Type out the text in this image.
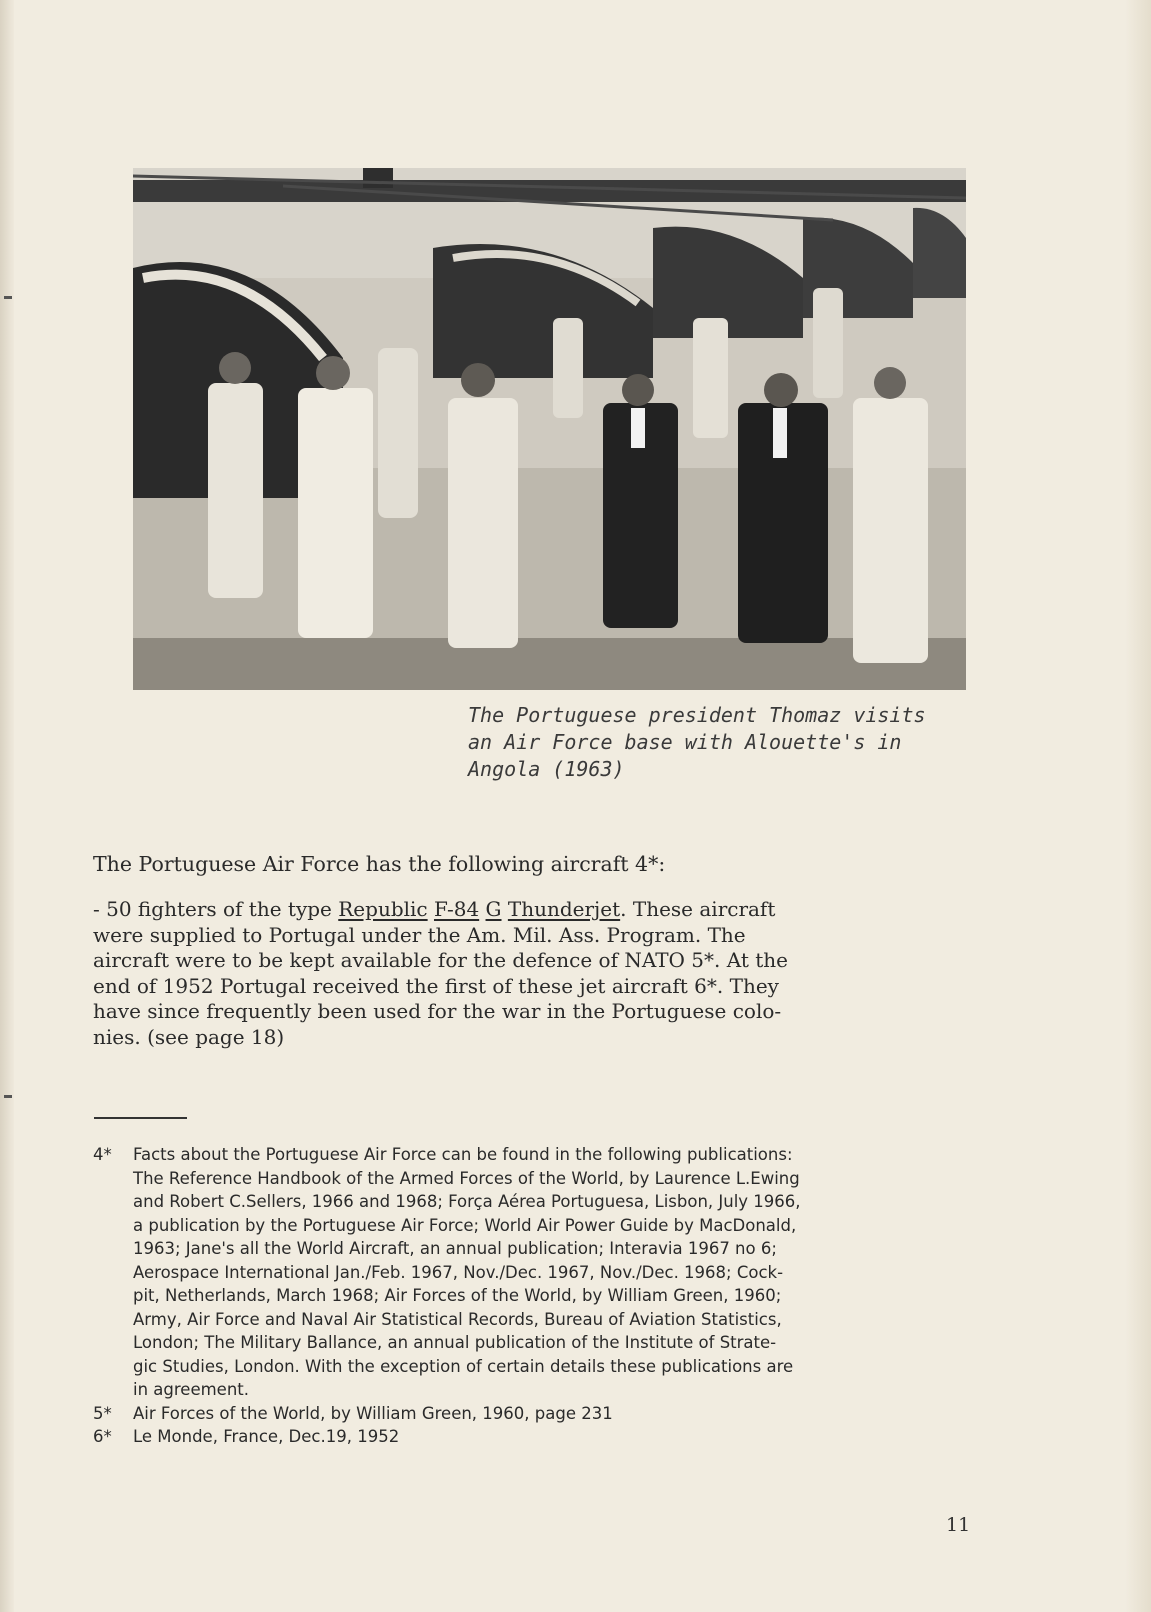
The Portuguese president Thomaz visits
an Air Force base with Alouette's in
Angola (1963)
The Portuguese Air Force has the following aircraft 4*:
- 50 fighters of the type Republic F-84 G Thunderjet. These aircraft
were supplied to Portugal under the Am. Mil. Ass. Program. The
aircraft were to be kept available for the defence of NATO 5*. At the
end of 1952 Portugal received the first of these jet aircraft 6*. They
have since frequently been used for the war in the Portuguese colo-
nies. (see page 18)
4*	Facts about the Portuguese Air Force can be found in the following publications:
The Reference Handbook of the Armed Forces of the World, by Laurence L.Ewing
and Robert C.Sellers, 1966 and 1968; Força Aérea Portuguesa, Lisbon, July 1966,
a publication by the Portuguese Air Force; World Air Power Guide by MacDonald,
1963; Jane's all the World Aircraft, an annual publication; Interavia 1967 no 6;
Aerospace International Jan./Feb. 1967, Nov./Dec. 1967, Nov./Dec. 1968; Cock-
pit, Netherlands, March 1968; Air Forces of the World, by William Green, 1960;
Army, Air Force and Naval Air Statistical Records, Bureau of Aviation Statistics,
London; The Military Ballance, an annual publication of the Institute of Strate-
gic Studies, London. With the exception of certain details these publications are
in agreement.
5*	Air Forces of the World, by William Green, 1960, page 231
6*	Le Monde, France, Dec.19, 1952
11
